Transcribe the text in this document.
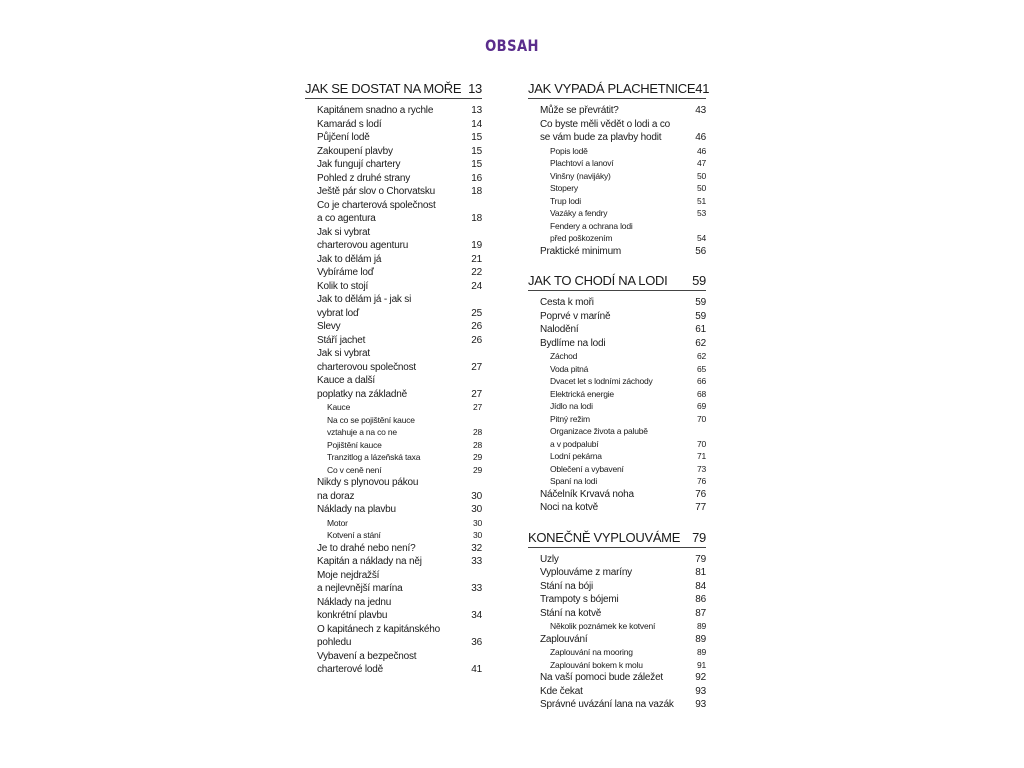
OBSAH
JAK SE DOSTAT NA MOŘE 13
Kapitánem snadno a rychle	13
Kamarád s lodí	14
Půjčení lodě	15
Zakoupení plavby	15
Jak fungují chartery	15
Pohled z druhé strany	16
Ještě pár slov o Chorvatsku	18
Co je charterová společnost
a co agentura	18
Jak si vybrat
charterovou agenturu	19
Jak to dělám já	21
Vybíráme loď	22
Kolik to stojí	24
Jak to dělám já - jak si
vybrat loď	25
Slevy	26
Stáří jachet	26
Jak si vybrat
charterovou společnost	27
Kauce a další
poplatky na základně	27
Kauce	27
Na co se pojištění kauce
vztahuje a na co ne	28
Pojištění kauce	28
Tranzitlog a lázeňská taxa	29
Co v ceně není	29
Nikdy s plynovou pákou
na doraz	30
Náklady na plavbu	30
Motor	30
Kotvení a stání	30
Je to drahé nebo není?	32
Kapitán a náklady na něj	33
Moje nejdražší
a nejlevnější marína	33
Náklady na jednu
konkrétní plavbu	34
O kapitánech z kapitánského
pohledu	36
Vybavení a bezpečnost
charterové lodě	41
JAK VYPADÁ PLACHETNICE 41
Může se převrátit?	43
Co byste měli vědět o lodi a co
se vám bude za plavby hodit	46
Popis lodě	46
Plachtoví a lanoví	47
Vinšny (navijáky)	50
Stopery	50
Trup lodi	51
Vazáky a fendry	53
Fendery a ochrana lodi
před poškozením	54
Praktické minimum	56
JAK TO CHODÍ NA LODI 59
Cesta k moři	59
Poprvé v maríně	59
Nalodění	61
Bydlíme na lodi	62
Záchod	62
Voda pitná	65
Dvacet let s lodními záchody	66
Elektrická energie	68
Jídlo na lodi	69
Pitný režim	70
Organizace života a palubě
a v podpalubí	70
Lodní pekárna	71
Oblečení a vybavení	73
Spaní na lodi	76
Náčelník Krvavá noha	76
Noci na kotvě	77
KONEČNĚ VYPLOUVÁME 79
Uzly	79
Vyplouváme z maríny	81
Stání na bóji	84
Trampoty s bójemi	86
Stání na kotvě	87
Několik poznámek ke kotvení	89
Zaplouvání	89
Zaplouvání na mooring	89
Zaplouvání bokem k molu	91
Na vaší pomoci bude záležet	92
Kde čekat	93
Správné uvázání lana na vazák	93
